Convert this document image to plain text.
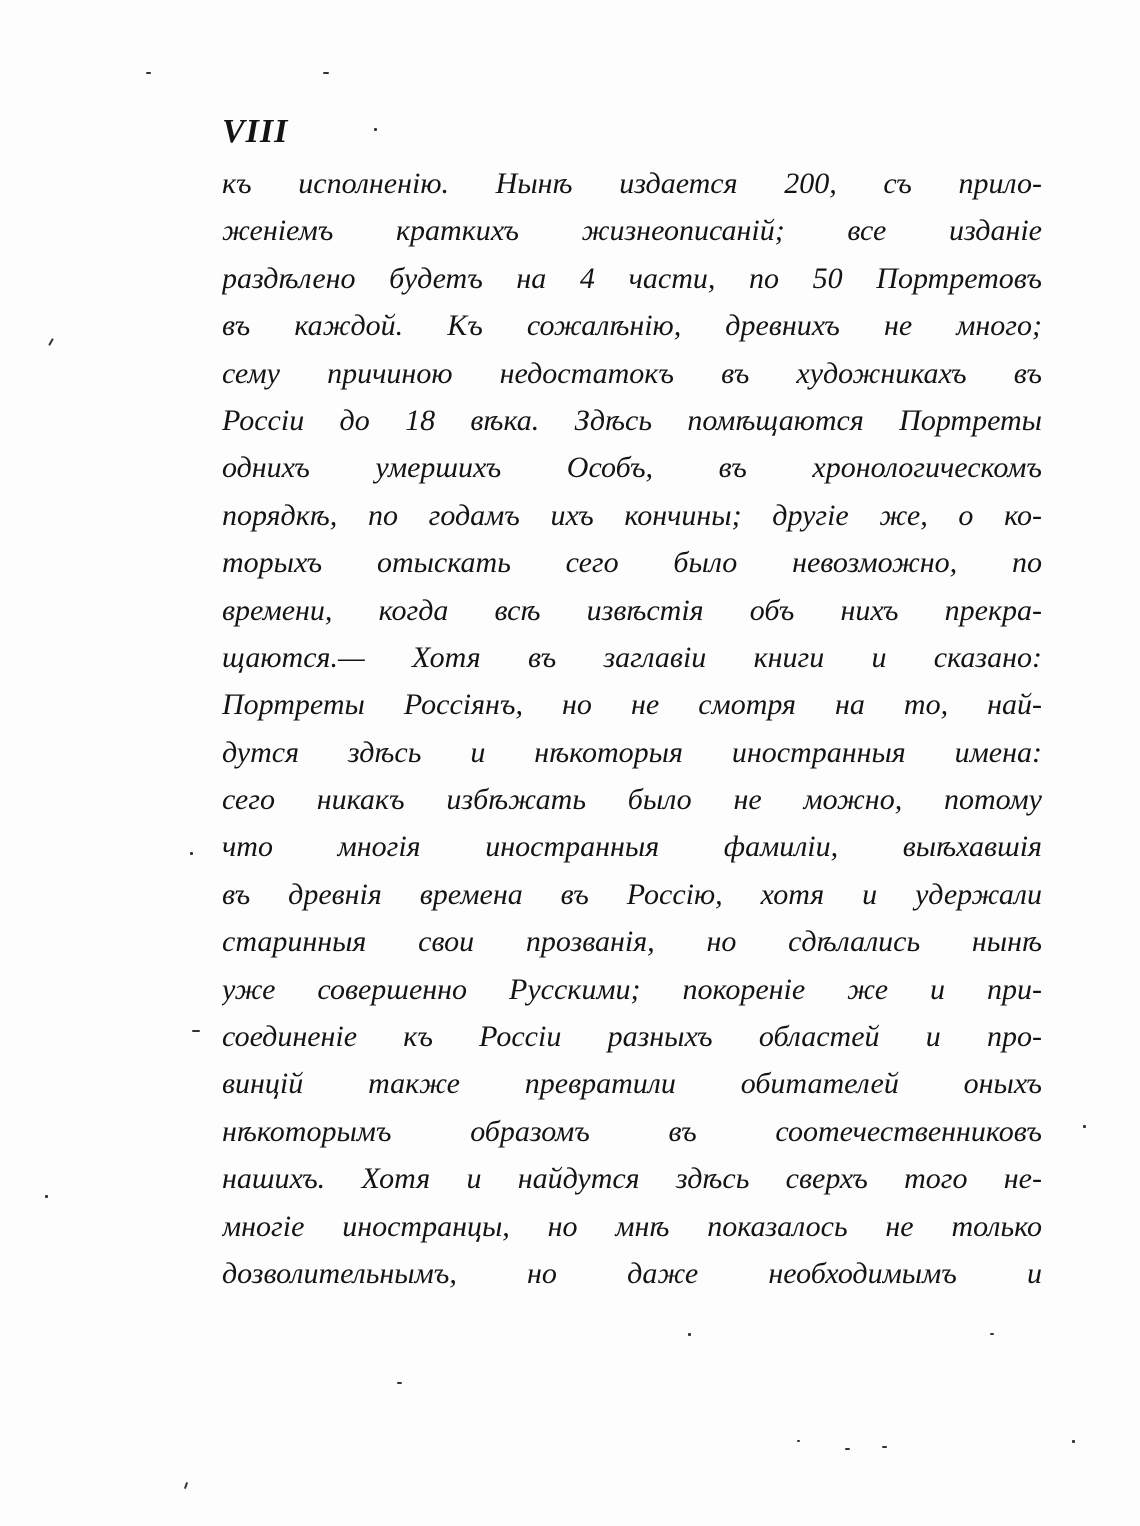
VIII
къ исполненію. Нынѣ издается 200, съ прило-
женіемъ краткихъ жизнеописаній; все изданіе
раздѣлено будетъ на 4 части, по 50 Портретовъ
въ каждой. Къ сожалѣнію, древнихъ не много;
сему причиною недостатокъ въ художникахъ въ
Россіи до 18 вѣка. Здѣсь помѣщаются Портреты
однихъ умершихъ Особъ, въ хронологическомъ
порядкѣ, по годамъ ихъ кончины; другіе же, о ко-
торыхъ отыскать сего было невозможно, по
времени, когда всѣ извѣстія объ нихъ прекра-
щаются.— Хотя въ заглавіи книги и сказано:
Портреты Россіянъ, но не смотря на то, най-
дутся здѣсь и нѣкоторыя иностранныя имена:
сего никакъ избѣжать было не можно, потому
что многія иностранныя фамиліи, выѣхавшія
въ древнія времена въ Россію, хотя и удержали
старинныя свои прозванія, но сдѣлались нынѣ
уже совершенно Русскими; покореніе же и при-
соединеніе къ Россіи разныхъ областей и про-
винцій также превратили обитателей оныхъ
нѣкоторымъ образомъ въ соотечественниковъ
нашихъ. Хотя и найдутся здѣсь сверхъ того не-
многіе иностранцы, но мнѣ показалось не только
дозволительнымъ, но даже необходимымъ и
